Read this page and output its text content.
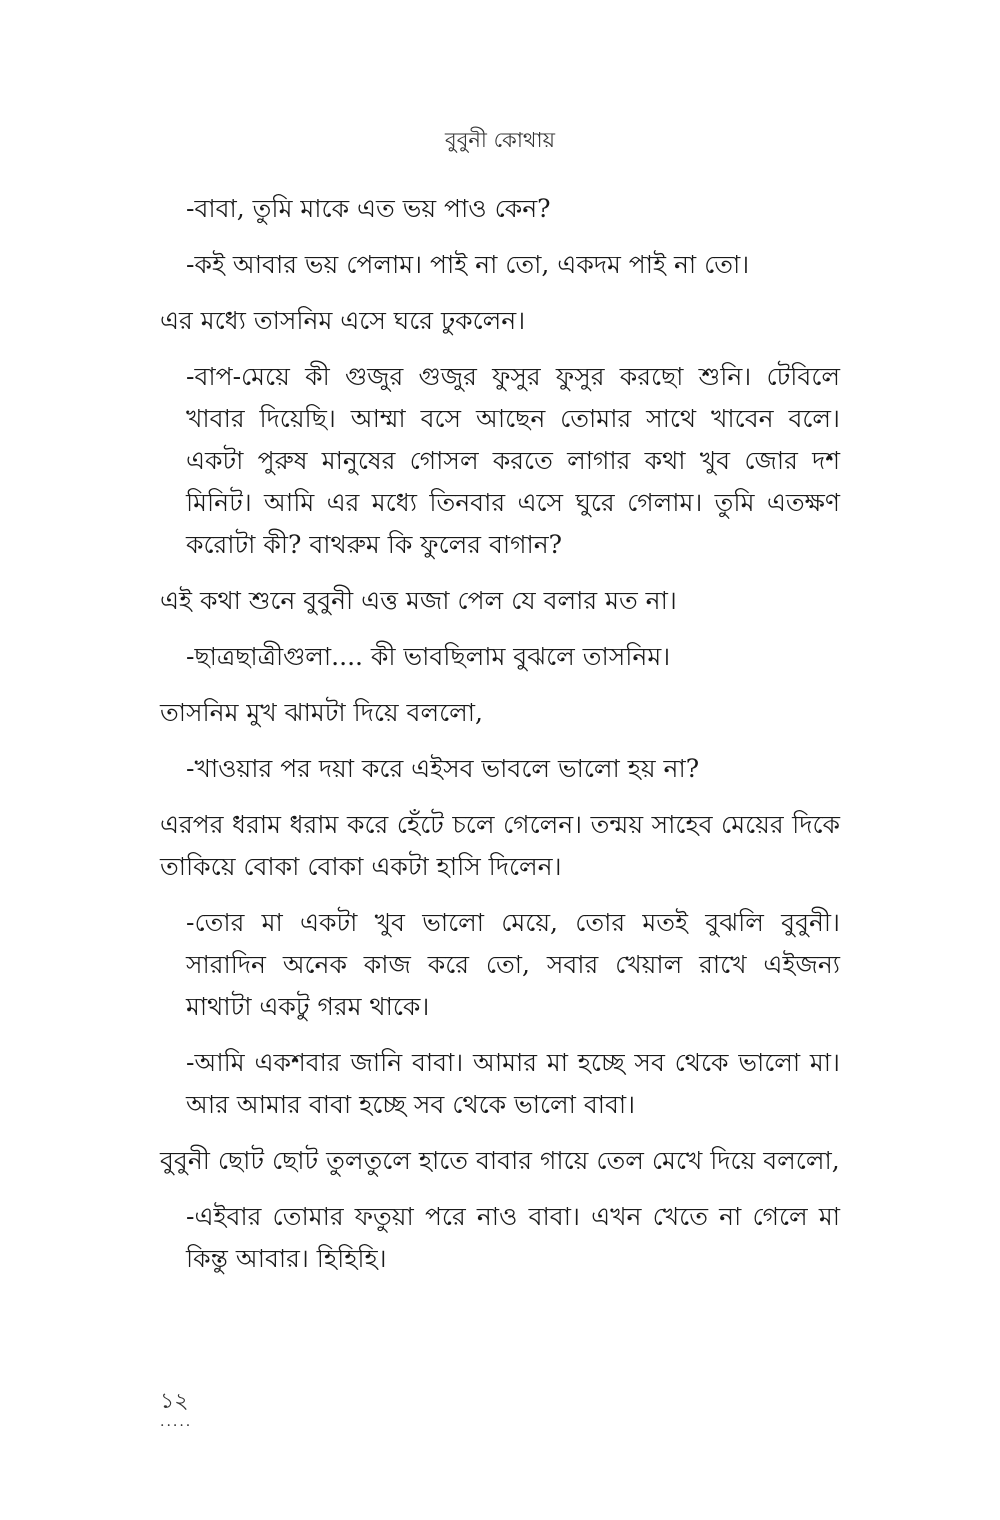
বুবুনী কোথায়

-বাবা, তুমি মাকে এত ভয় পাও কেন?

-কই আবার ভয় পেলাম। পাই না তো, একদম পাই না তো।

এর মধ্যে তাসনিম এসে ঘরে ঢুকলেন।

-বাপ-মেয়ে কী গুজুর গুজুর ফুসুর ফুসুর করছো শুনি। টেবিলে খাবার দিয়েছি। আম্মা বসে আছেন তোমার সাথে খাবেন বলে। একটা পুরুষ মানুষের গোসল করতে লাগার কথা খুব জোর দশ মিনিট। আমি এর মধ্যে তিনবার এসে ঘুরে গেলাম। তুমি এতক্ষণ করোটা কী? বাথরুম কি ফুলের বাগান?

এই কথা শুনে বুবুনী এত্ত মজা পেল যে বলার মত না।

-ছাত্রছাত্রীগুলা.... কী ভাবছিলাম বুঝলে তাসনিম।

তাসনিম মুখ ঝামটা দিয়ে বললো,

-খাওয়ার পর দয়া করে এইসব ভাবলে ভালো হয় না?

এরপর ধরাম ধরাম করে হেঁটে চলে গেলেন। তন্ময় সাহেব মেয়ের দিকে তাকিয়ে বোকা বোকা একটা হাসি দিলেন।

-তোর মা একটা খুব ভালো মেয়ে, তোর মতই বুঝলি বুবুনী। সারাদিন অনেক কাজ করে তো, সবার খেয়াল রাখে এইজন্য মাথাটা একটু গরম থাকে।

-আমি একশবার জানি বাবা। আমার মা হচ্ছে সব থেকে ভালো মা। আর আমার বাবা হচ্ছে সব থেকে ভালো বাবা।

বুবুনী ছোট ছোট তুলতুলে হাতে বাবার গায়ে তেল মেখে দিয়ে বললো,

-এইবার তোমার ফতুয়া পরে নাও বাবা। এখন খেতে না গেলে মা কিন্তু আবার। হিহিহি।

১২
.....
